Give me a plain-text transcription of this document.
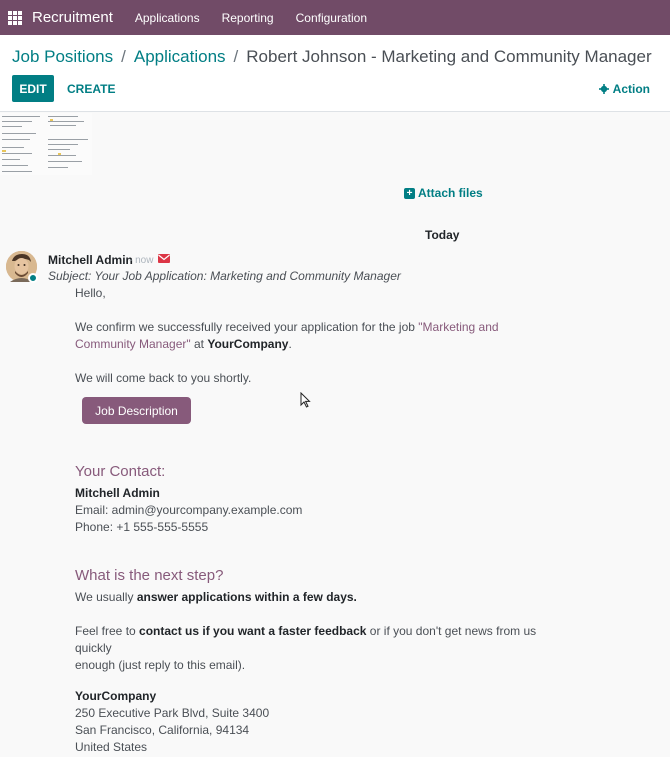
Recruitment Applications Reporting Configuration
Job Positions / Applications / Robert Johnson - Marketing and Community Manager
EDIT	CREATE	Action
+ Attach files
Today
Mitchell Admin
- now
Subject: Your Job Application: Marketing and Community Manager
Hello,
We confirm we successfully received your application for the job "Marketing and Community Manager" at YourCompany.
We will come back to you shortly.
Job Description
Your Contact:
Mitchell Admin
Email: admin@yourcompany.example.com
Phone: +1 555-555-5555
What is the next step?
We usually answer applications within a few days.
Feel free to contact us if you want a faster feedback or if you don't get news from us quickly
enough (just reply to this email).
YourCompany
250 Executive Park Blvd, Suite 3400
San Francisco, California, 94134
United States
